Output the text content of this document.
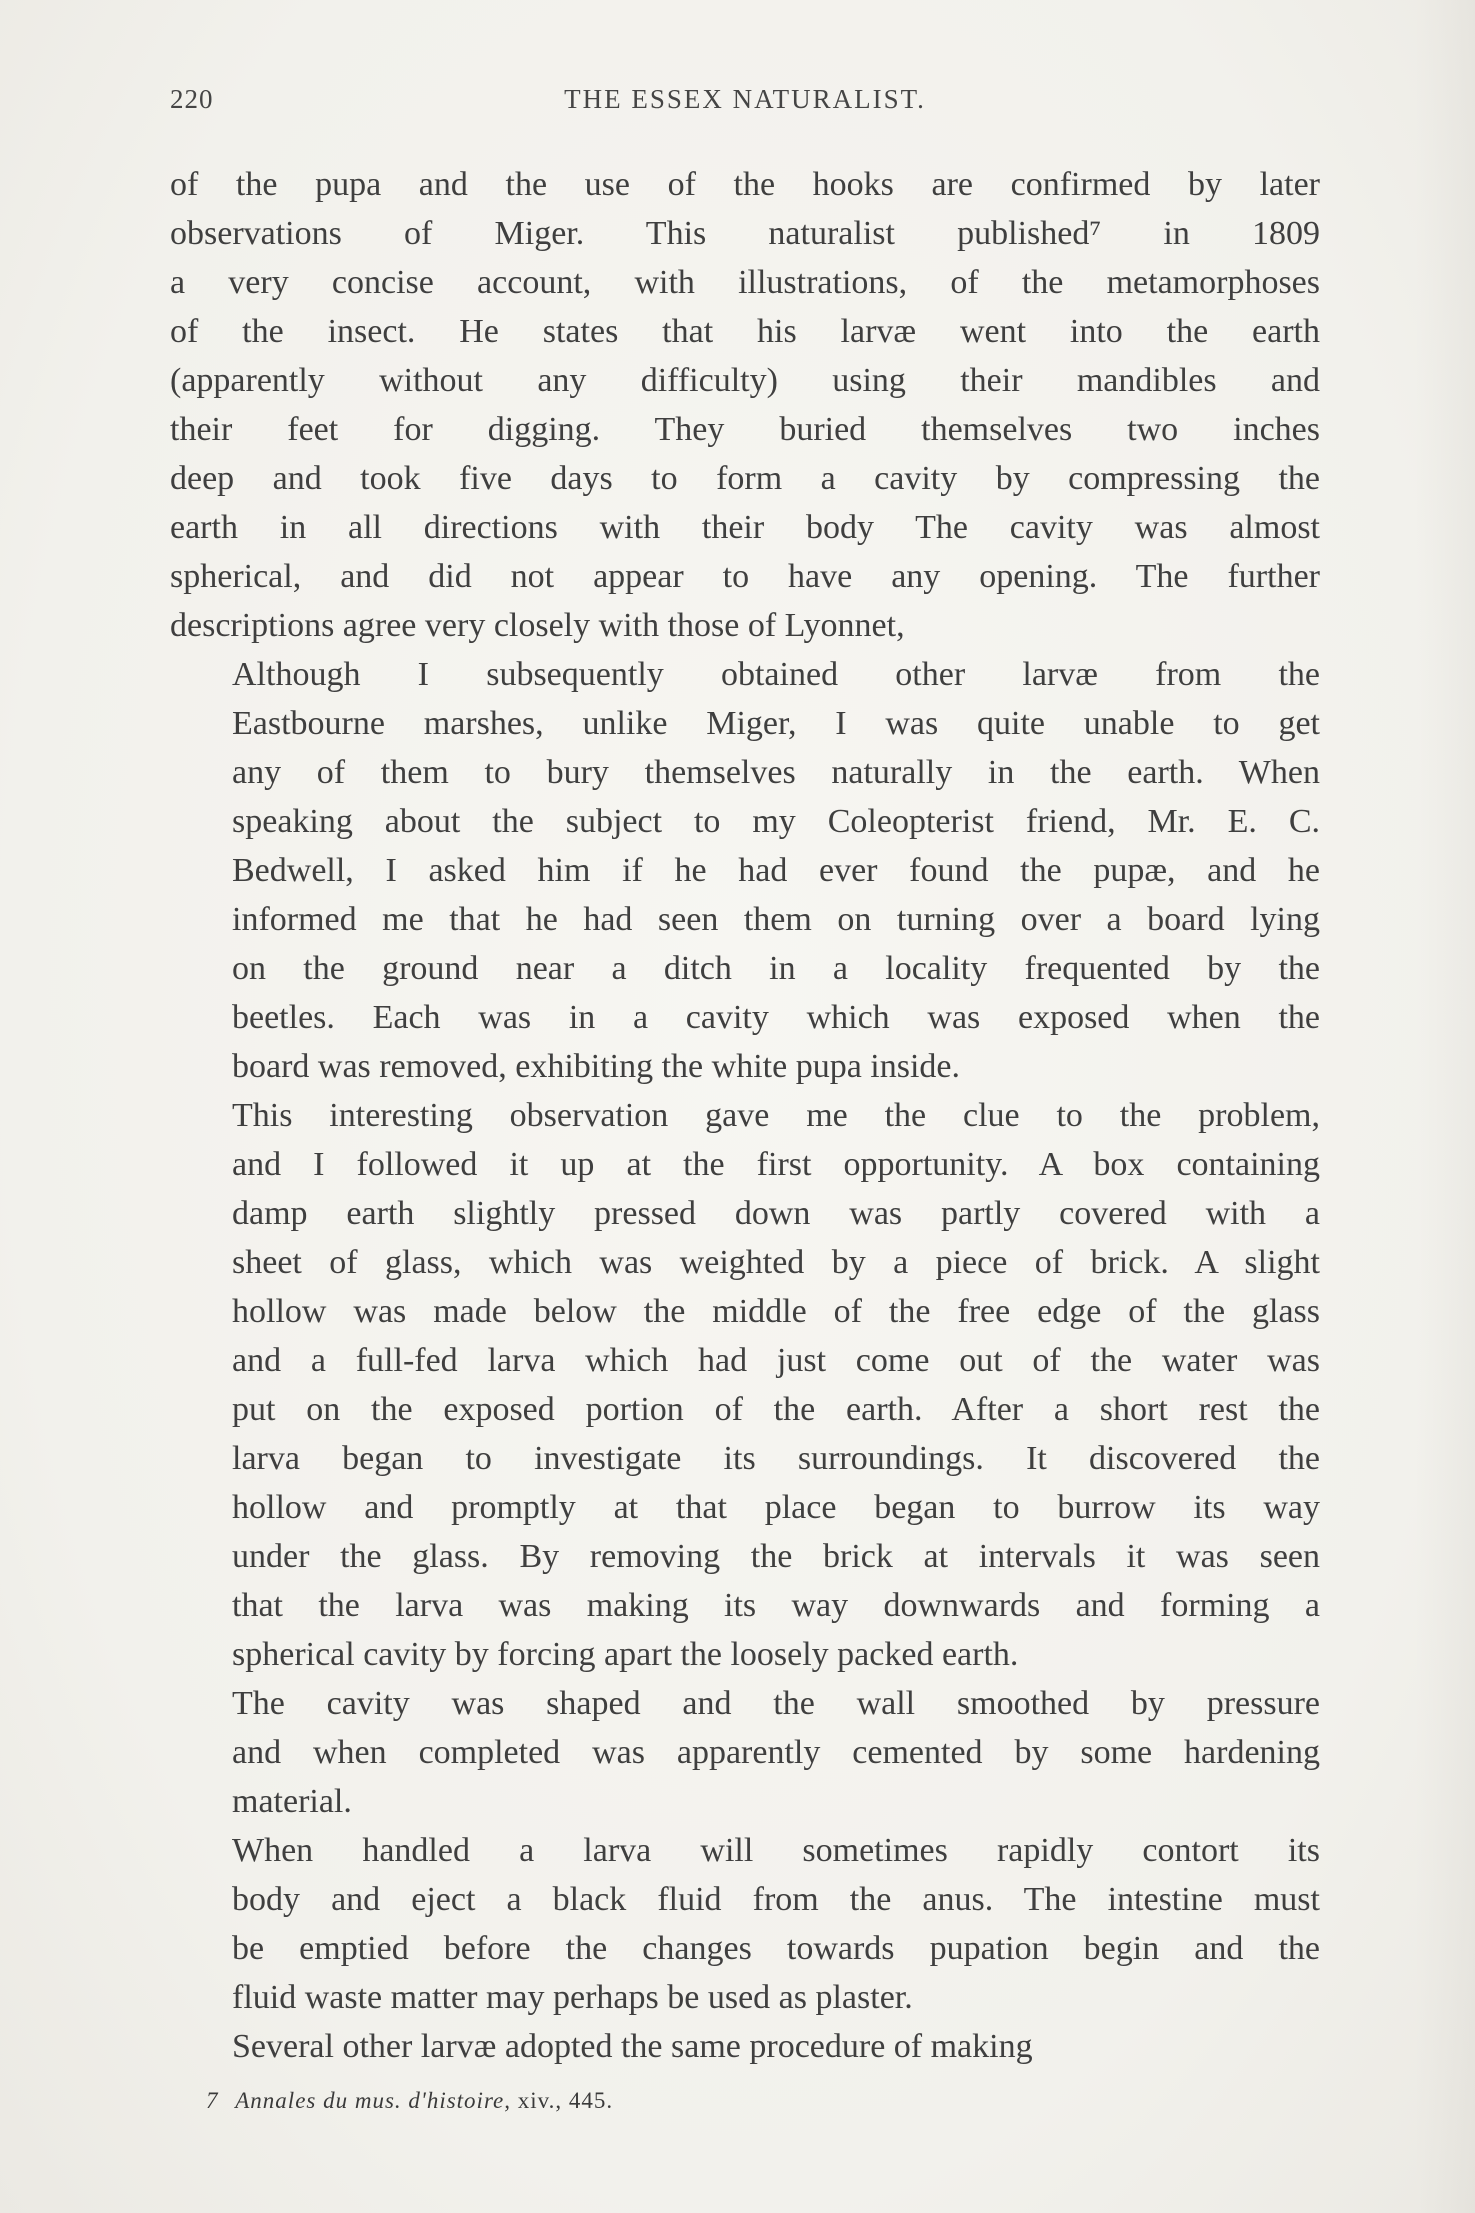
220	THE ESSEX NATURALIST.

of the pupa and the use of the hooks are confirmed by later
observations of Miger. This naturalist published⁷ in 1809
a very concise account, with illustrations, of the metamorphoses
of the insect. He states that his larvæ went into the earth
(apparently without any difficulty) using their mandibles and
their feet for digging. They buried themselves two inches
deep and took five days to form a cavity by compressing the
earth in all directions with their body The cavity was almost
spherical, and did not appear to have any opening. The further
descriptions agree very closely with those of Lyonnet,

Although I subsequently obtained other larvæ from the
Eastbourne marshes, unlike Miger, I was quite unable to get
any of them to bury themselves naturally in the earth. When
speaking about the subject to my Coleopterist friend, Mr. E. C.
Bedwell, I asked him if he had ever found the pupæ, and he
informed me that he had seen them on turning over a board lying
on the ground near a ditch in a locality frequented by the
beetles. Each was in a cavity which was exposed when the
board was removed, exhibiting the white pupa inside.

This interesting observation gave me the clue to the problem,
and I followed it up at the first opportunity. A box containing
damp earth slightly pressed down was partly covered with a
sheet of glass, which was weighted by a piece of brick. A slight
hollow was made below the middle of the free edge of the glass
and a full-fed larva which had just come out of the water was
put on the exposed portion of the earth. After a short rest the
larva began to investigate its surroundings. It discovered the
hollow and promptly at that place began to burrow its way
under the glass. By removing the brick at intervals it was seen
that the larva was making its way downwards and forming a
spherical cavity by forcing apart the loosely packed earth.

The cavity was shaped and the wall smoothed by pressure
and when completed was apparently cemented by some hardening
material.

When handled a larva will sometimes rapidly contort its
body and eject a black fluid from the anus. The intestine must
be emptied before the changes towards pupation begin and the
fluid waste matter may perhaps be used as plaster.

Several other larvæ adopted the same procedure of making

7 Annales du mus. d'histoire, xiv., 445.
